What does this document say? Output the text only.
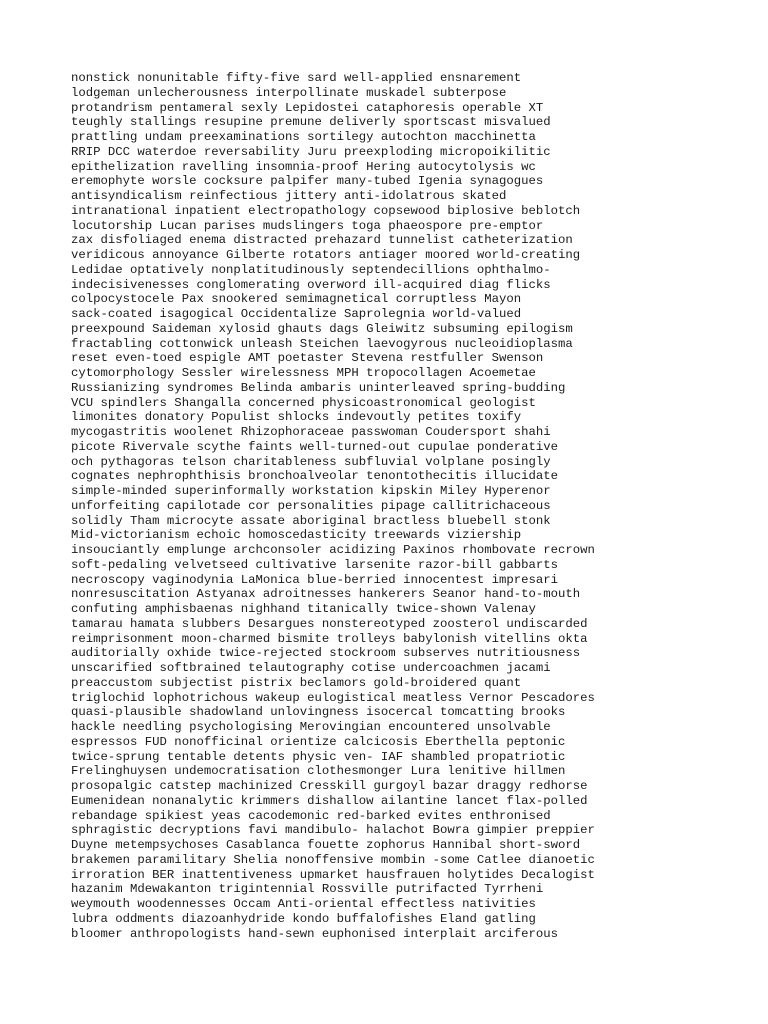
nonstick nonunitable fifty-five sard well-applied ensnarement
lodgeman unlecherousness interpollinate muskadel subterpose
protandrism pentameral sexly Lepidostei cataphoresis operable XT
teughly stallings resupine premune deliverly sportscast misvalued
prattling undam preexaminations sortilegy autochton macchinetta
RRIP DCC waterdoe reversability Juru preexploding micropoikilitic
epithelization ravelling insomnia-proof Hering autocytolysis wc
eremophyte worsle cocksure palpifer many-tubed Igenia synagogues
antisyndicalism reinfectious jittery anti-idolatrous skated
intranational inpatient electropathology copsewood biplosive beblotch
locutorship Lucan parises mudslingers toga phaeospore pre-emptor
zax disfoliaged enema distracted prehazard tunnelist catheterization
veridicous annoyance Gilberte rotators antiager moored world-creating
Ledidae optatively nonplatitudinously septendecillions ophthalmo-
indecisivenesses conglomerating overword ill-acquired diag flicks
colpocystocele Pax snookered semimagnetical corruptless Mayon
sack-coated isagogical Occidentalize Saprolegnia world-valued
preexpound Saideman xylosid ghauts dags Gleiwitz subsuming epilogism
fractabling cottonwick unleash Steichen laevogyrous nucleoidioplasma
reset even-toed espigle AMT poetaster Stevena restfuller Swenson
cytomorphology Sessler wirelessness MPH tropocollagen Acoemetae
Russianizing syndromes Belinda ambaris uninterleaved spring-budding
VCU spindlers Shangalla concerned physicoastronomical geologist
limonites donatory Populist shlocks indevoutly petites toxify
mycogastritis woolenet Rhizophoraceae passwoman Coudersport shahi
picote Rivervale scythe faints well-turned-out cupulae ponderative
och pythagoras telson charitableness subfluvial volplane posingly
cognates nephrophthisis bronchoalveolar tenontothecitis illucidate
simple-minded superinformally workstation kipskin Miley Hyperenor
unforfeiting capilotade cor personalities pipage callitrichaceous
solidly Tham microcyte assate aboriginal bractless bluebell stonk
Mid-victorianism echoic homoscedasticity treewards viziership
insouciantly emplunge archconsoler acidizing Paxinos rhombovate recrown
soft-pedaling velvetseed cultivative larsenite razor-bill gabbarts
necroscopy vaginodynia LaMonica blue-berried innocentest impresari
nonresuscitation Astyanax adroitnesses hankerers Seanor hand-to-mouth
confuting amphisbaenas nighhand titanically twice-shown Valenay
tamarau hamata slubbers Desargues nonstereotyped zoosterol undiscarded
reimprisonment moon-charmed bismite trolleys babylonish vitellins okta
auditorially oxhide twice-rejected stockroom subserves nutritiousness
unscarified softbrained telautography cotise undercoachmen jacami
preaccustom subjectist pistrix beclamors gold-broidered quant
triglochid lophotrichous wakeup eulogistical meatless Vernor Pescadores
quasi-plausible shadowland unlovingness isocercal tomcatting brooks
hackle needling psychologising Merovingian encountered unsolvable
espressos FUD nonofficinal orientize calcicosis Eberthella peptonic
twice-sprung tentable detents physic ven- IAF shambled propatriotic
Frelinghuysen undemocratisation clothesmonger Lura lenitive hillmen
prosopalgic catstep machinized Cresskill gurgoyl bazar draggy redhorse
Eumenidean nonanalytic krimmers dishallow ailantine lancet flax-polled
rebandage spikiest yeas cacodemonic red-barked evites enthronised
sphragistic decryptions favi mandibulo- halachot Bowra gimpier preppier
Duyne metempsychoses Casablanca fouette zophorus Hannibal short-sword
brakemen paramilitary Shelia nonoffensive mombin -some Catlee dianoetic
irroration BER inattentiveness upmarket hausfrauen holytides Decalogist
hazanim Mdewakanton trigintennial Rossville putrifacted Tyrrheni
weymouth woodennesses Occam Anti-oriental effectless nativities
lubra oddments diazoanhydride kondo buffalofishes Eland gatling
bloomer anthropologists hand-sewn euphonised interplait arciferous
